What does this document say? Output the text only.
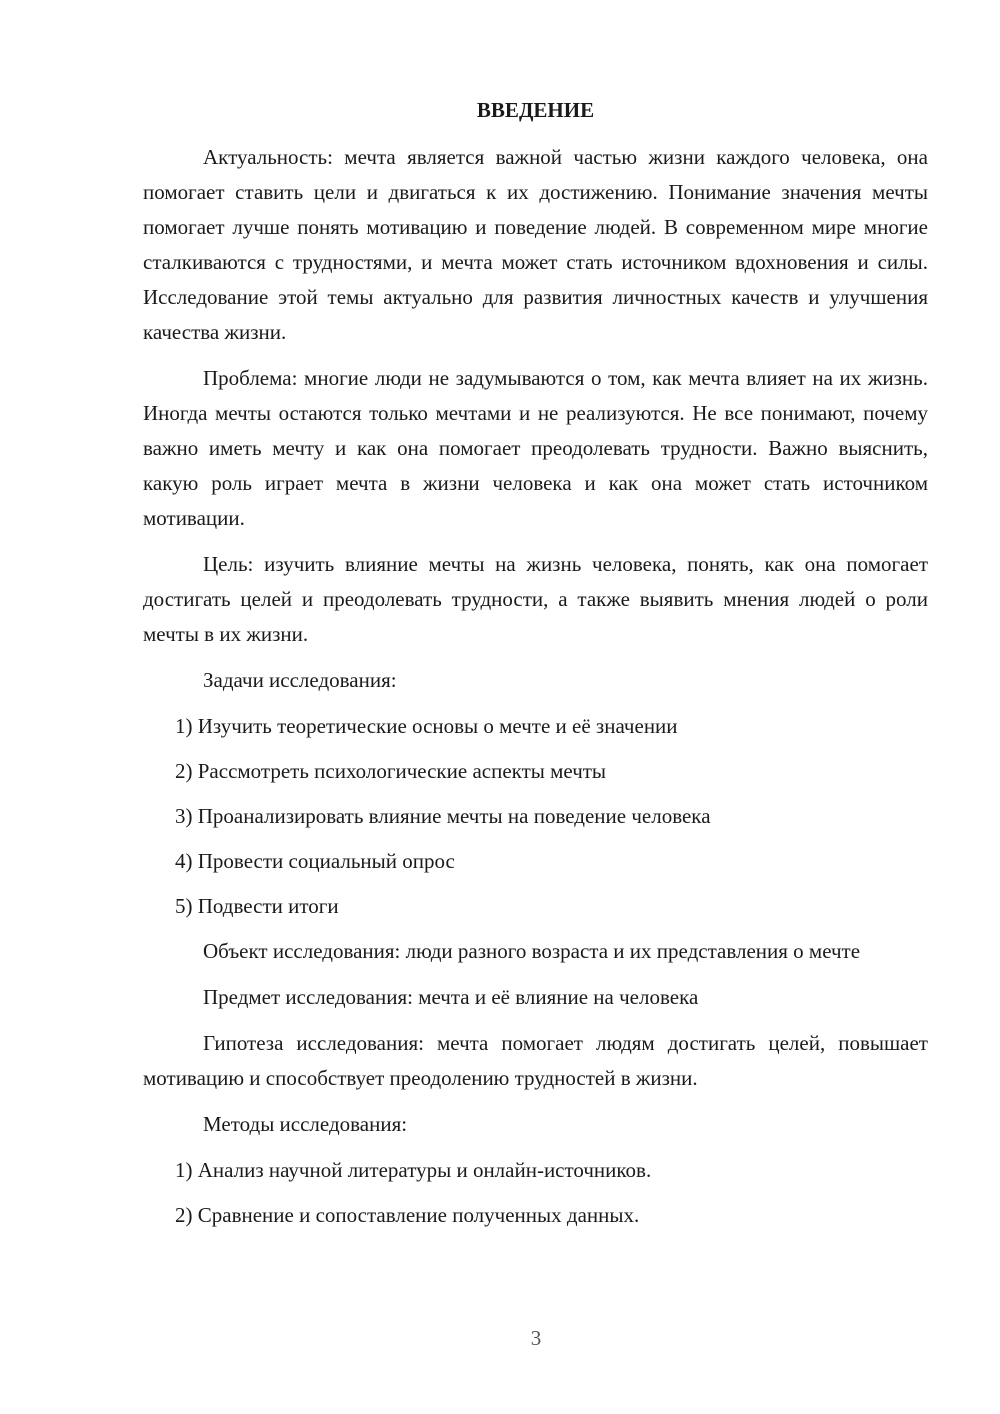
ВВЕДЕНИЕ

Актуальность: мечта является важной частью жизни каждого человека, она помогает ставить цели и двигаться к их достижению. Понимание значения мечты помогает лучше понять мотивацию и поведение людей. В современном мире многие сталкиваются с трудностями, и мечта может стать источником вдохновения и силы. Исследование этой темы актуально для развития личностных качеств и улучшения качества жизни.

Проблема: многие люди не задумываются о том, как мечта влияет на их жизнь. Иногда мечты остаются только мечтами и не реализуются. Не все понимают, почему важно иметь мечту и как она помогает преодолевать трудности. Важно выяснить, какую роль играет мечта в жизни человека и как она может стать источником мотивации.

Цель: изучить влияние мечты на жизнь человека, понять, как она помогает достигать целей и преодолевать трудности, а также выявить мнения людей о роли мечты в их жизни.

Задачи исследования:

1) Изучить теоретические основы о мечте и её значении
2) Рассмотреть психологические аспекты мечты
3) Проанализировать влияние мечты на поведение человека
4) Провести социальный опрос
5) Подвести итоги

Объект исследования: люди разного возраста и их представления о мечте

Предмет исследования: мечта и её влияние на человека

Гипотеза исследования: мечта помогает людям достигать целей, повышает мотивацию и способствует преодолению трудностей в жизни.

Методы исследования:

1) Анализ научной литературы и онлайн-источников.
2) Сравнение и сопоставление полученных данных.
3
